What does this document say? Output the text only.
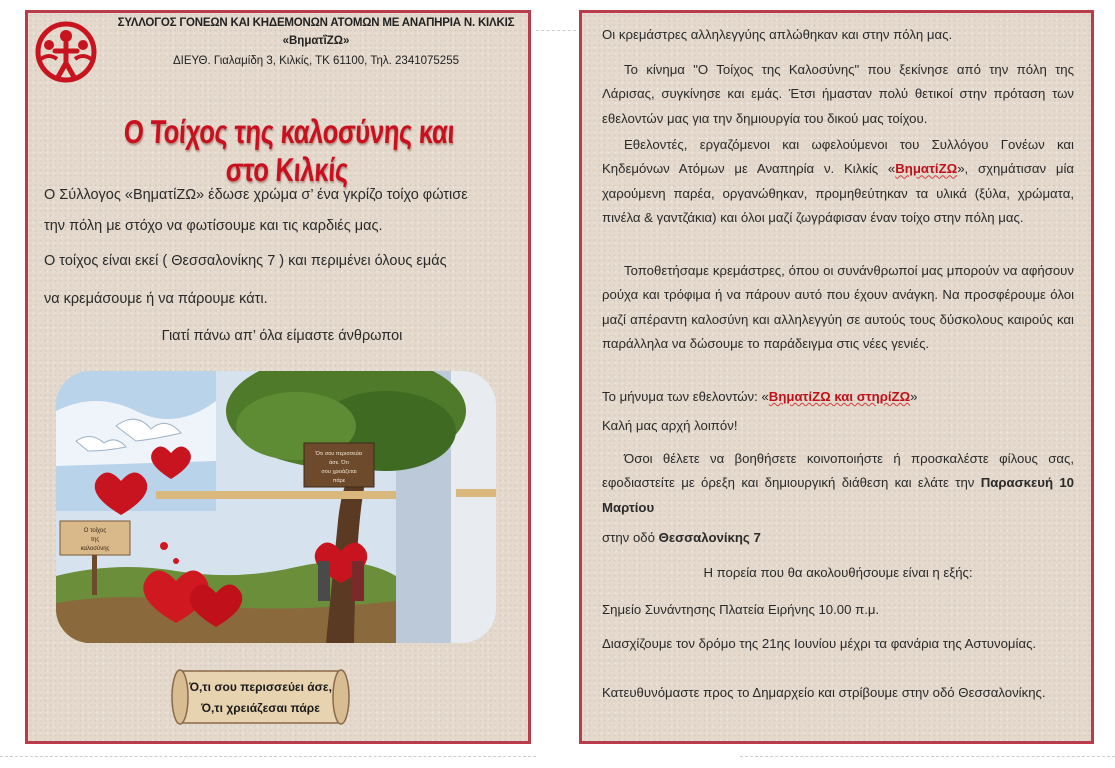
ΣΥΛΛΟΓΟΣ ΓΟΝΕΩΝ ΚΑΙ ΚΗΔΕΜΟΝΩΝ ΑΤΟΜΩΝ ΜΕ ΑΝΑΠΗΡΙΑ Ν. ΚΙΛΚΙΣ
«ΒηματΐΖΩ»
ΔΙΕΥΘ. Γιαλαμίδη 3, Κιλκίς, ΤΚ 61100, Τηλ. 2341075255
Ο Τοίχος της καλοσύνης και στο Κιλκίς
Ο Σύλλογος «ΒηματίΖΩ» έδωσε χρώμα σ’ ένα γκρίζο τοίχο φώτισε
την πόλη με στόχο να φωτίσουμε και τις καρδιές μας.
Ο τοίχος είναι εκεί ( Θεσσαλονίκης 7 ) και περιμένει όλους εμάς
να κρεμάσουμε ή να πάρουμε κάτι.
Γιατί πάνω απ’ όλα είμαστε άνθρωποι
Ότι σου περισσεύει
άσε. Ότι
σου χρειάζεται
πάρε
Ο τοίχος
της
καλοσύνης
Ό,τι σου περισσεύει άσε,
Ό,τι χρειάζεσαι πάρε

Οι κρεμάστρες αλληλεγγύης απλώθηκαν και στην πόλη μας.

Το κίνημα "Ο Τοίχος της Καλοσύνης" που ξεκίνησε από την πόλη της Λάρισας, συγκίνησε και εμάς. Έτσι ήμασταν πολύ θετικοί στην πρόταση των εθελοντών μας για την δημιουργία του δικού μας τοίχου.

Εθελοντές, εργαζόμενοι και ωφελούμενοι του Συλλόγου Γονέων και Κηδεμόνων Ατόμων με Αναπηρία ν. Κιλκίς «ΒηματίΖΩ», σχημάτισαν μία χαρούμενη παρέα, οργανώθηκαν, προμηθεύτηκαν τα υλικά (ξύλα, χρώματα, πινέλα & γαντζάκια) και όλοι μαζί ζωγράφισαν έναν τοίχο στην πόλη μας.

Τοποθετήσαμε κρεμάστρες, όπου οι συνάνθρωποί μας μπορούν να αφήσουν ρούχα και τρόφιμα ή να πάρουν αυτό που έχουν ανάγκη. Να προσφέρουμε όλοι μαζί απέραντη καλοσύνη και αλληλεγγύη σε αυτούς τους δύσκολους καιρούς και παράλληλα να δώσουμε το παράδειγμα στις νέες γενιές.

Το μήνυμα των εθελοντών: «ΒηματίΖΩ και στηρίΖΩ»

Καλή μας αρχή λοιπόν!

Όσοι θέλετε να βοηθήσετε κοινοποιήστε ή προσκαλέστε φίλους σας, εφοδιαστείτε με όρεξη και δημιουργική διάθεση και ελάτε την Παρασκευή 10 Μαρτίου

στην οδό Θεσσαλονίκης 7

Η πορεία που θα ακολουθήσουμε είναι η εξής:

Σημείο Συνάντησης Πλατεία Ειρήνης 10.00 π.μ.

Διασχίζουμε τον δρόμο της 21ης Ιουνίου μέχρι τα φανάρια της Αστυνομίας.

Κατευθυνόμαστε προς το Δημαρχείο και στρίβουμε στην οδό Θεσσαλονίκης.
